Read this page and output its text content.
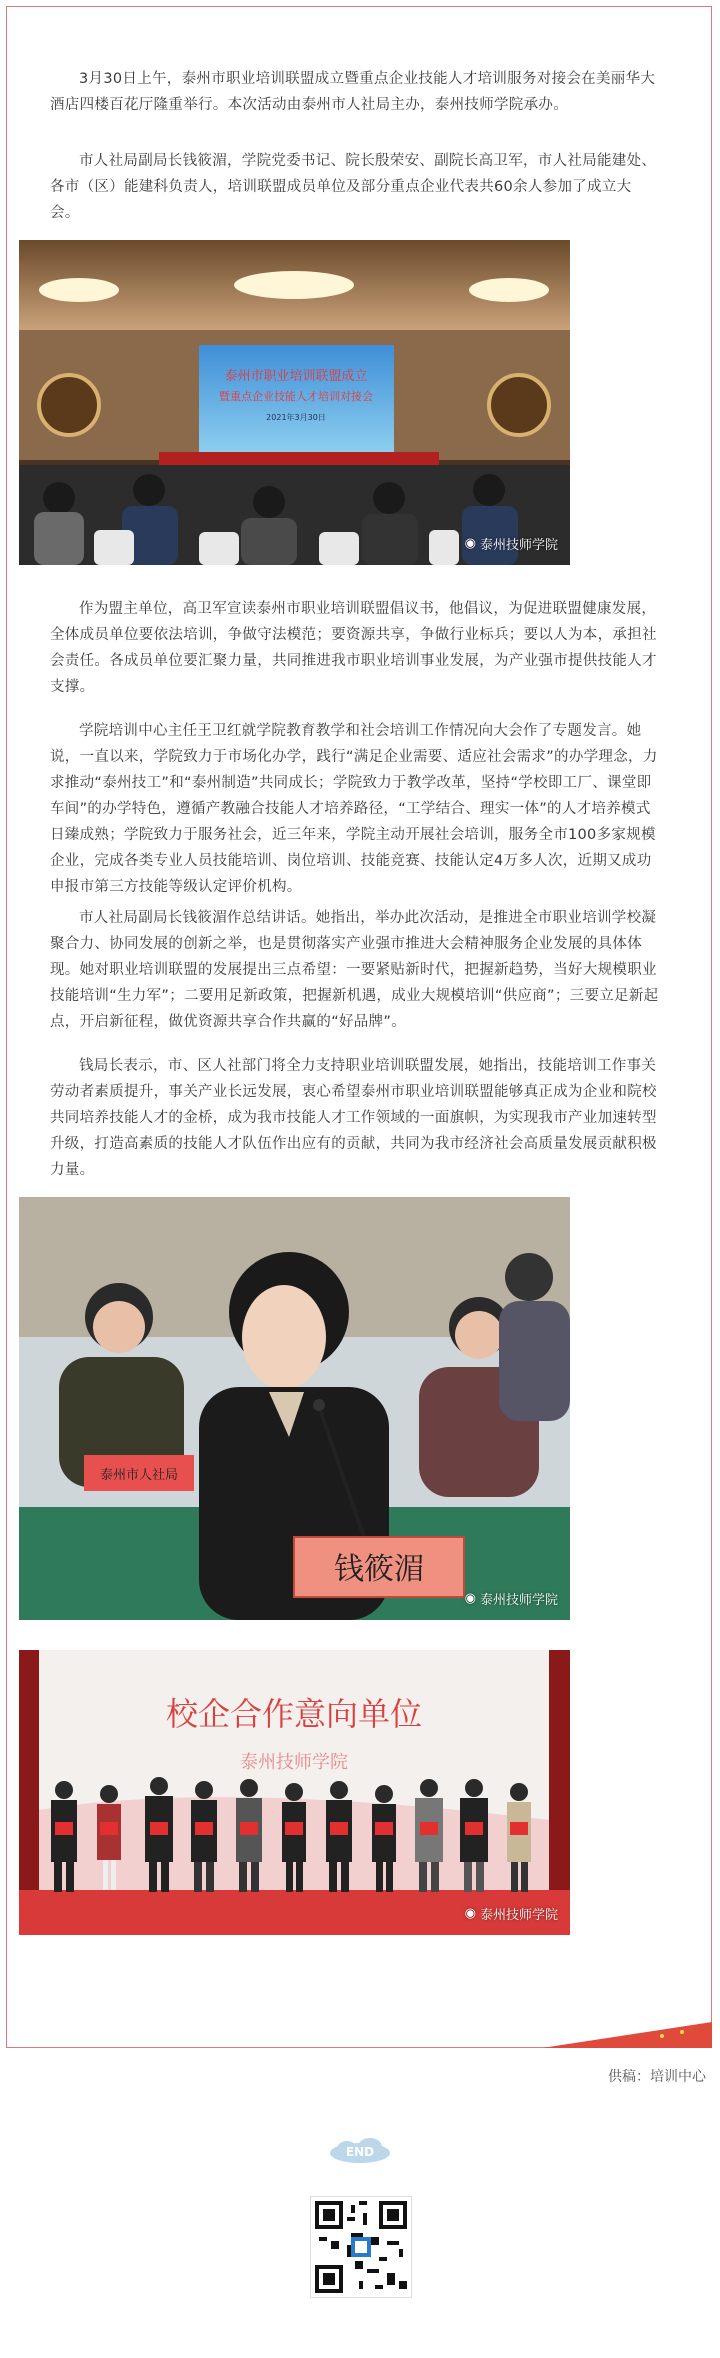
3月30日上午，泰州市职业培训联盟成立暨重点企业技能人才培训服务对接会在美丽华大酒店四楼百花厅隆重举行。本次活动由泰州市人社局主办，泰州技师学院承办。

市人社局副局长钱筱湄，学院党委书记、院长殷荣安、副院长高卫军，市人社局能建处、各市（区）能建科负责人，培训联盟成员单位及部分重点企业代表共60余人参加了成立大会。

泰州市职业培训联盟成立
暨重点企业技能人才培训对接会
2021年3月30日
◉ 泰州技师学院

作为盟主单位，高卫军宣读泰州市职业培训联盟倡议书，他倡议，为促进联盟健康发展，全体成员单位要依法培训，争做守法模范；要资源共享，争做行业标兵；要以人为本，承担社会责任。各成员单位要汇聚力量，共同推进我市职业培训事业发展，为产业强市提供技能人才支撑。

学院培训中心主任王卫红就学院教育教学和社会培训工作情况向大会作了专题发言。她说，一直以来，学院致力于市场化办学，践行“满足企业需要、适应社会需求”的办学理念，力求推动“泰州技工”和“泰州制造”共同成长；学院致力于教学改革，坚持“学校即工厂、课堂即车间”的办学特色，遵循产教融合技能人才培养路径，“工学结合、理实一体”的人才培养模式日臻成熟；学院致力于服务社会，近三年来，学院主动开展社会培训，服务全市100多家规模企业，完成各类专业人员技能培训、岗位培训、技能竞赛、技能认定4万多人次，近期又成功申报市第三方技能等级认定评价机构。

市人社局副局长钱筱湄作总结讲话。她指出，举办此次活动，是推进全市职业培训学校凝聚合力、协同发展的创新之举，也是贯彻落实产业强市推进大会精神服务企业发展的具体体现。她对职业培训联盟的发展提出三点希望：一要紧贴新时代，把握新趋势，当好大规模职业技能培训“生力军”；二要用足新政策，把握新机遇，成业大规模培训“供应商”；三要立足新起点，开启新征程，做优资源共享合作共赢的“好品牌”。

钱局长表示，市、区人社部门将全力支持职业培训联盟发展，她指出，技能培训工作事关劳动者素质提升，事关产业长远发展，衷心希望泰州市职业培训联盟能够真正成为企业和院校共同培养技能人才的金桥，成为我市技能人才工作领域的一面旗帜，为实现我市产业加速转型升级，打造高素质的技能人才队伍作出应有的贡献，共同为我市经济社会高质量发展贡献积极力量。

泰州市人社局
钱筱湄
◉ 泰州技师学院
校企合作意向单位
泰州技师学院
◉ 泰州技师学院
供稿：培训中心
END
